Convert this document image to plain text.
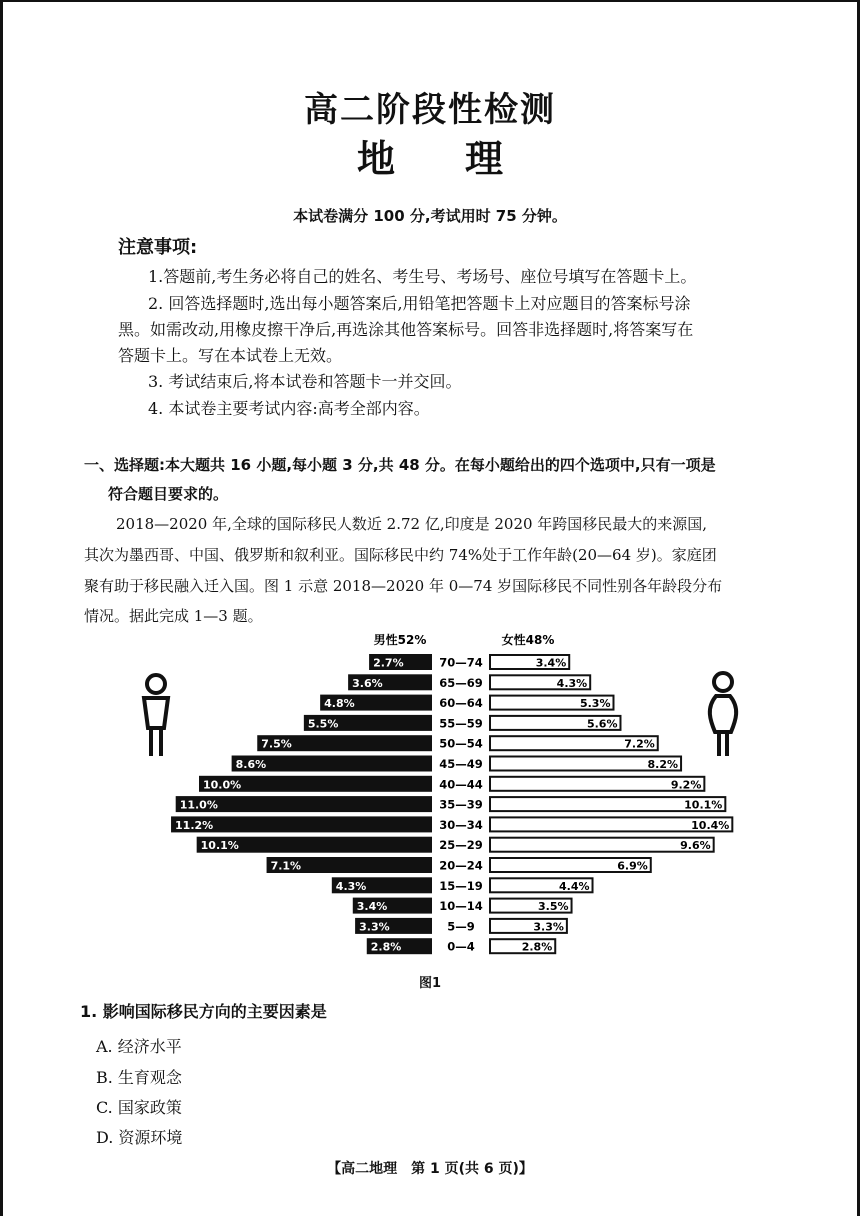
高二阶段性检测
地理
本试卷满分 100 分,考试用时 75 分钟。
注意事项:
1.答题前,考生务必将自己的姓名、考生号、考场号、座位号填写在答题卡上。
2. 回答选择题时,选出每小题答案后,用铅笔把答题卡上对应题目的答案标号涂
黑。如需改动,用橡皮擦干净后,再选涂其他答案标号。回答非选择题时,将答案写在
答题卡上。写在本试卷上无效。
3. 考试结束后,将本试卷和答题卡一并交回。
4. 本试卷主要考试内容:高考全部内容。
一、选择题:本大题共 16 小题,每小题 3 分,共 48 分。在每小题给出的四个选项中,只有一项是
符合题目要求的。
2018—2020 年,全球的国际移民人数近 2.72 亿,印度是 2020 年跨国移民最大的来源国,
其次为墨西哥、中国、俄罗斯和叙利亚。国际移民中约 74%处于工作年龄(20—64 岁)。家庭团
聚有助于移民融入迁入国。图 1 示意 2018—2020 年 0—74 岁国际移民不同性别各年龄段分布
情况。据此完成 1—3 题。
男性52%	女性48%
2.7%	70—74	3.4%
3.6%	65—69	4.3%
4.8%	60—64	5.3%
5.5%	55—59	5.6%
7.5%	50—54	7.2%
8.6%	45—49	8.2%
10.0%	40—44	9.2%
11.0%	35—39	10.1%
11.2%	30—34	10.4%
10.1%	25—29	9.6%
7.1%	20—24	6.9%
4.3%	15—19	4.4%
3.4%	10—14	3.5%
3.3%	5—9	3.3%
2.8%	0—4	2.8%
图1
1. 影响国际移民方向的主要因素是
A. 经济水平
B. 生育观念
C. 国家政策
D. 资源环境
【高二地理　第 1 页(共 6 页)】
